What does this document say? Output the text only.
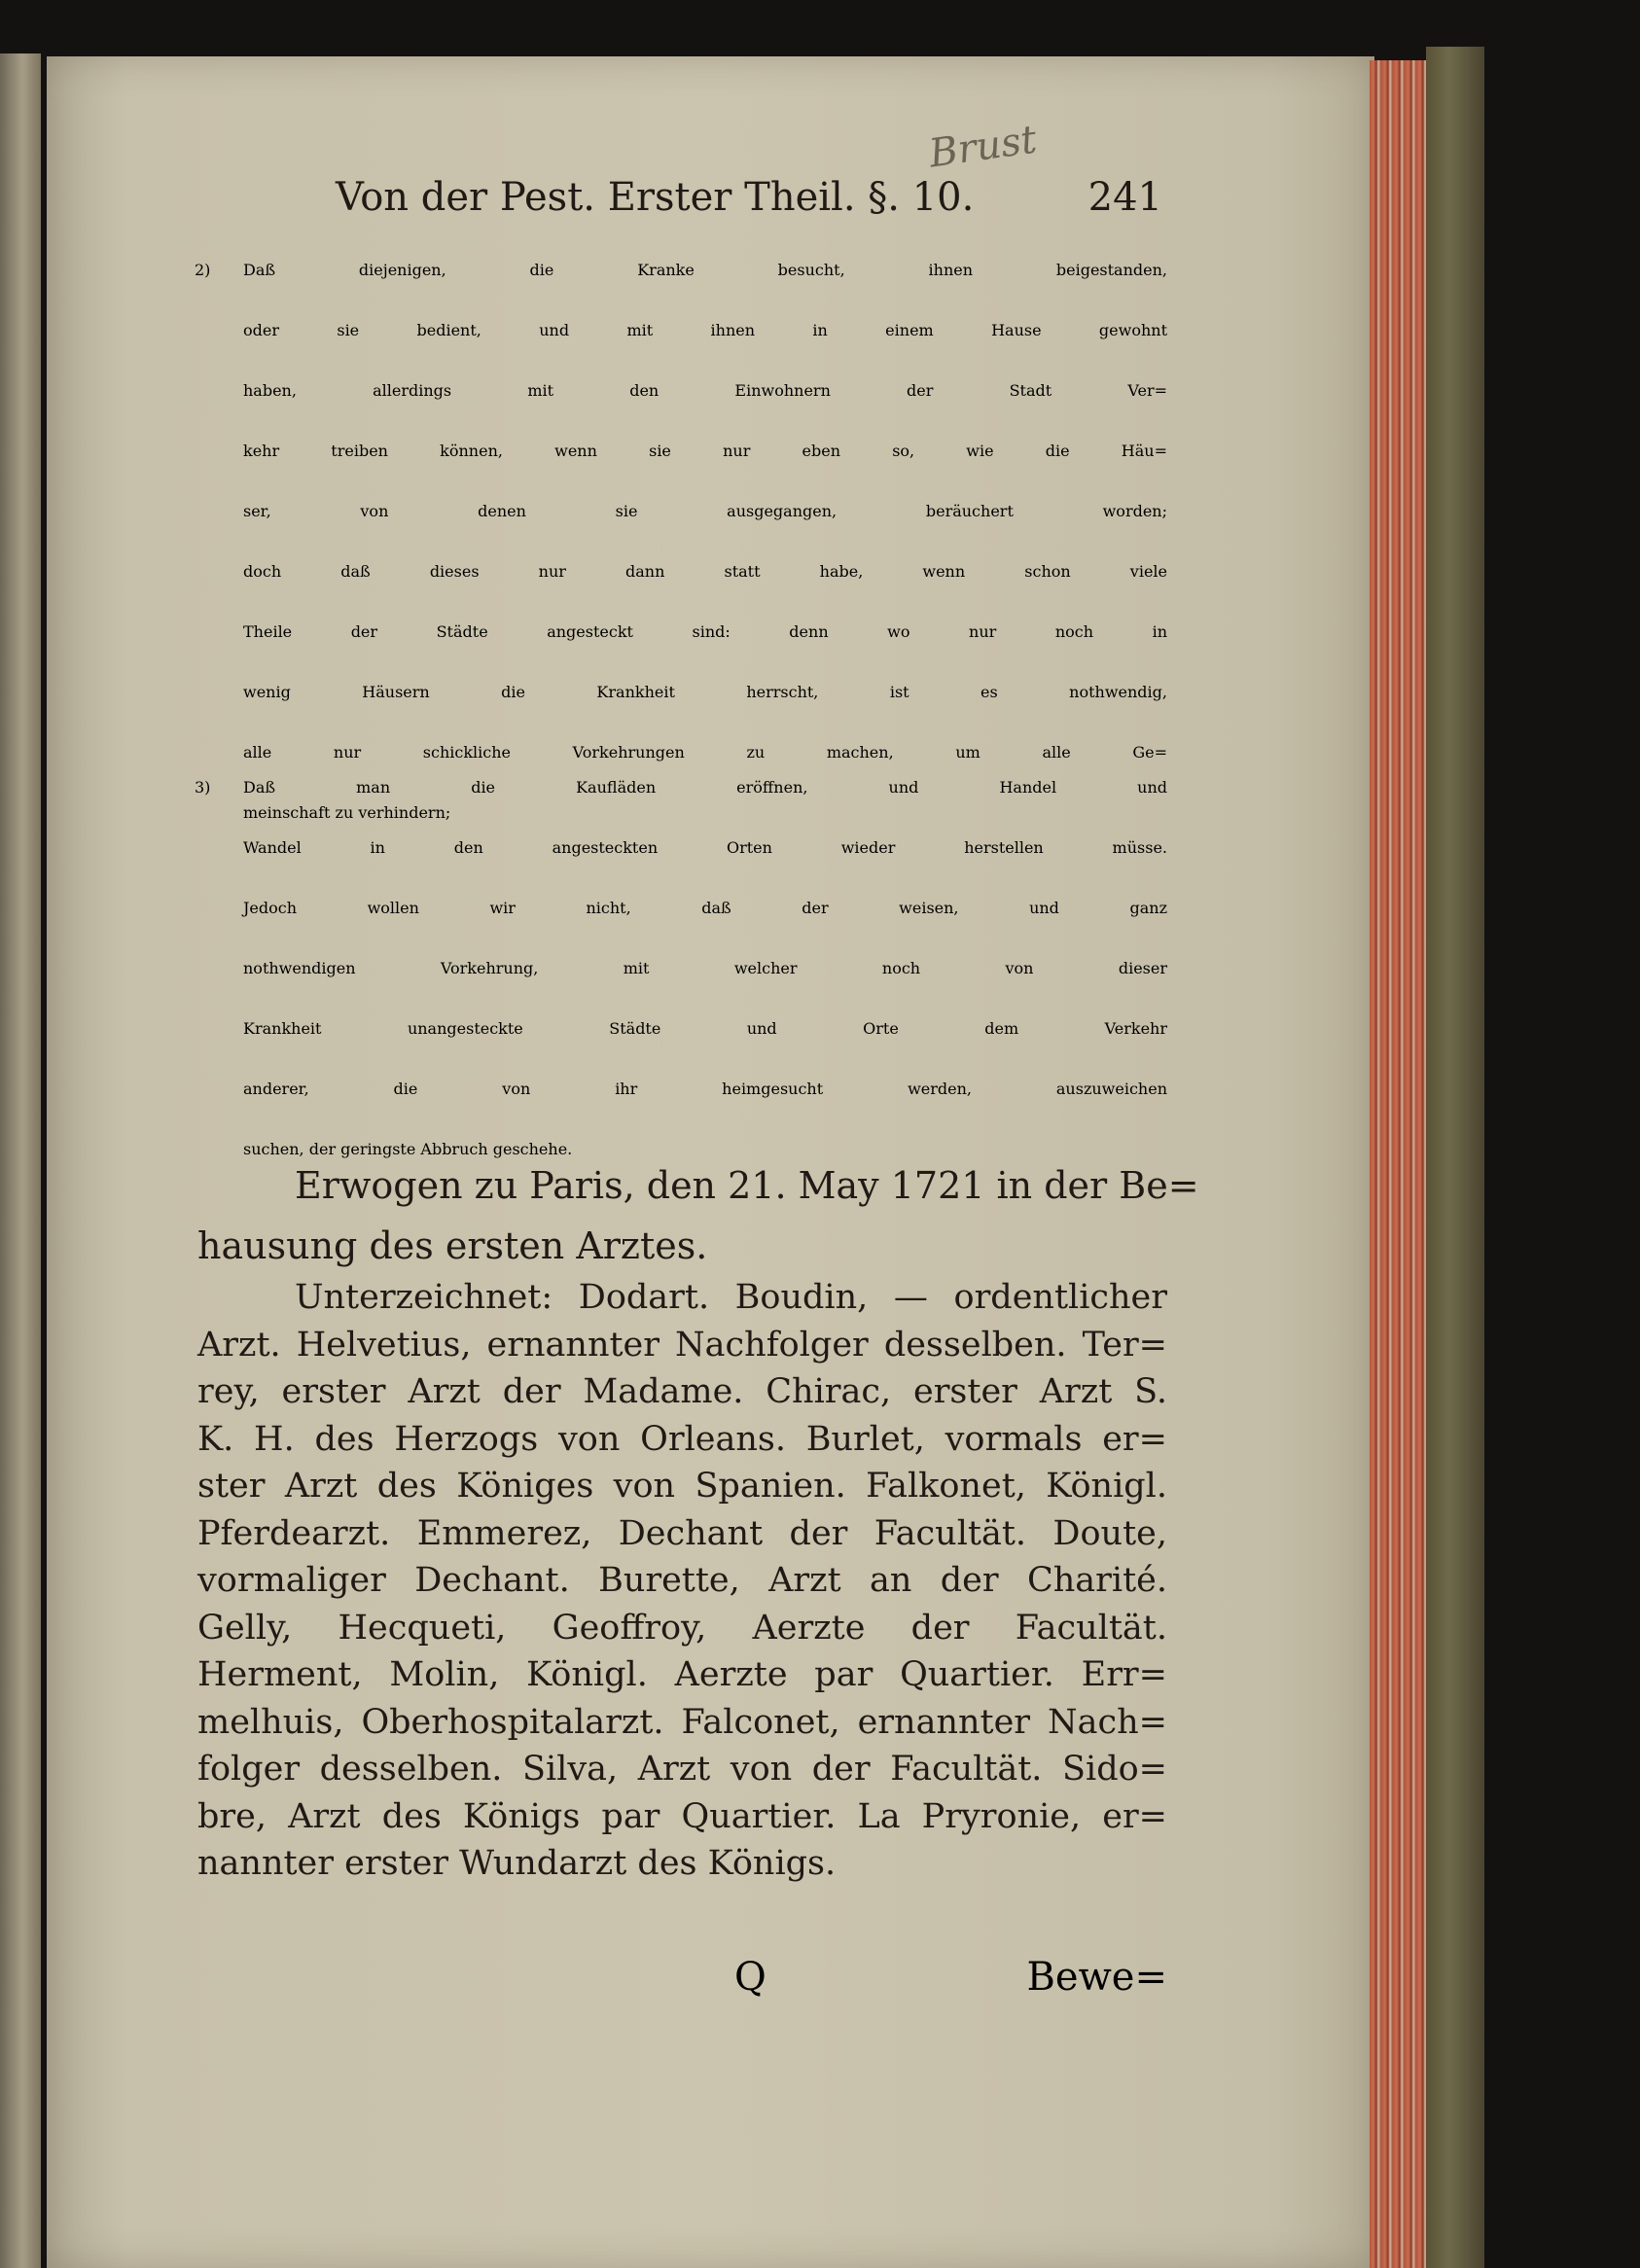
Von der Pest. Erster Theil. §. 10.	241
Brust
2) Daß diejenigen, die Kranke besucht, ihnen beigestanden,
oder sie bedient, und mit ihnen in einem Hause gewohnt
haben, allerdings mit den Einwohnern der Stadt Ver=
kehr treiben können, wenn sie nur eben so, wie die Häu=
ser, von denen sie ausgegangen, beräuchert worden;
doch daß dieses nur dann statt habe, wenn schon viele
Theile der Städte angesteckt sind: denn wo nur noch in
wenig Häusern die Krankheit herrscht, ist es nothwendig,
alle nur schickliche Vorkehrungen zu machen, um alle Ge=
meinschaft zu verhindern;
3) Daß man die Kaufläden eröffnen, und Handel und
Wandel in den angesteckten Orten wieder herstellen müsse.
Jedoch wollen wir nicht, daß der weisen, und ganz
nothwendigen Vorkehrung, mit welcher noch von dieser
Krankheit unangesteckte Städte und Orte dem Verkehr
anderer, die von ihr heimgesucht werden, auszuweichen
suchen, der geringste Abbruch geschehe.
Erwogen zu Paris, den 21. May 1721 in der Be=
hausung des ersten Arztes.
Unterzeichnet: Dodart. Boudin, — ordentlicher
Arzt. Helvetius, ernannter Nachfolger desselben. Ter=
rey, erster Arzt der Madame. Chirac, erster Arzt S.
K. H. des Herzogs von Orleans. Burlet, vormals er=
ster Arzt des Königes von Spanien. Falkonet, Königl.
Pferdearzt. Emmerez, Dechant der Facultät. Doute,
vormaliger Dechant. Burette, Arzt an der Charité.
Gelly, Hecqueti, Geoffroy, Aerzte der Facultät.
Herment, Molin, Königl. Aerzte par Quartier. Err=
melhuis, Oberhospitalarzt. Falconet, ernannter Nach=
folger desselben. Silva, Arzt von der Facultät. Sido=
bre, Arzt des Königs par Quartier. La Pryronie, er=
nannter erster Wundarzt des Königs.
Q	Bewe=
